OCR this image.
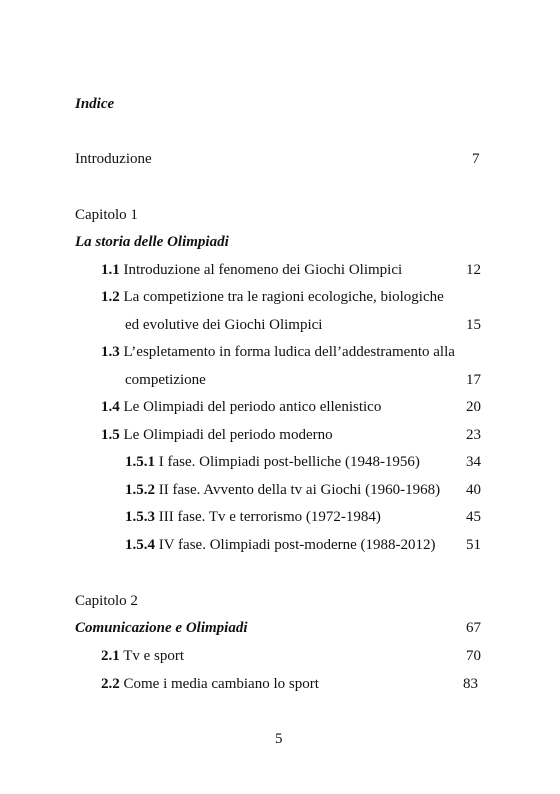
Indice
Introduzione	7
Capitolo 1
La storia delle Olimpiadi
1.1 Introduzione al fenomeno dei Giochi Olimpici	12
1.2 La competizione tra le ragioni ecologiche, biologiche
ed evolutive dei Giochi Olimpici	15
1.3 L’espletamento in forma ludica dell’addestramento alla
competizione	17
1.4 Le Olimpiadi del periodo antico ellenistico	20
1.5 Le Olimpiadi del periodo moderno	23
1.5.1 I fase. Olimpiadi post-belliche (1948-1956)	34
1.5.2 II fase. Avvento della tv ai Giochi (1960-1968) 40
1.5.3 III fase. Tv e terrorismo (1972-1984)	45
1.5.4 IV fase. Olimpiadi post-moderne (1988-2012) 51
Capitolo 2
Comunicazione e Olimpiadi	67
2.1 Tv e sport	70
2.2 Come i media cambiano lo sport	83
5
